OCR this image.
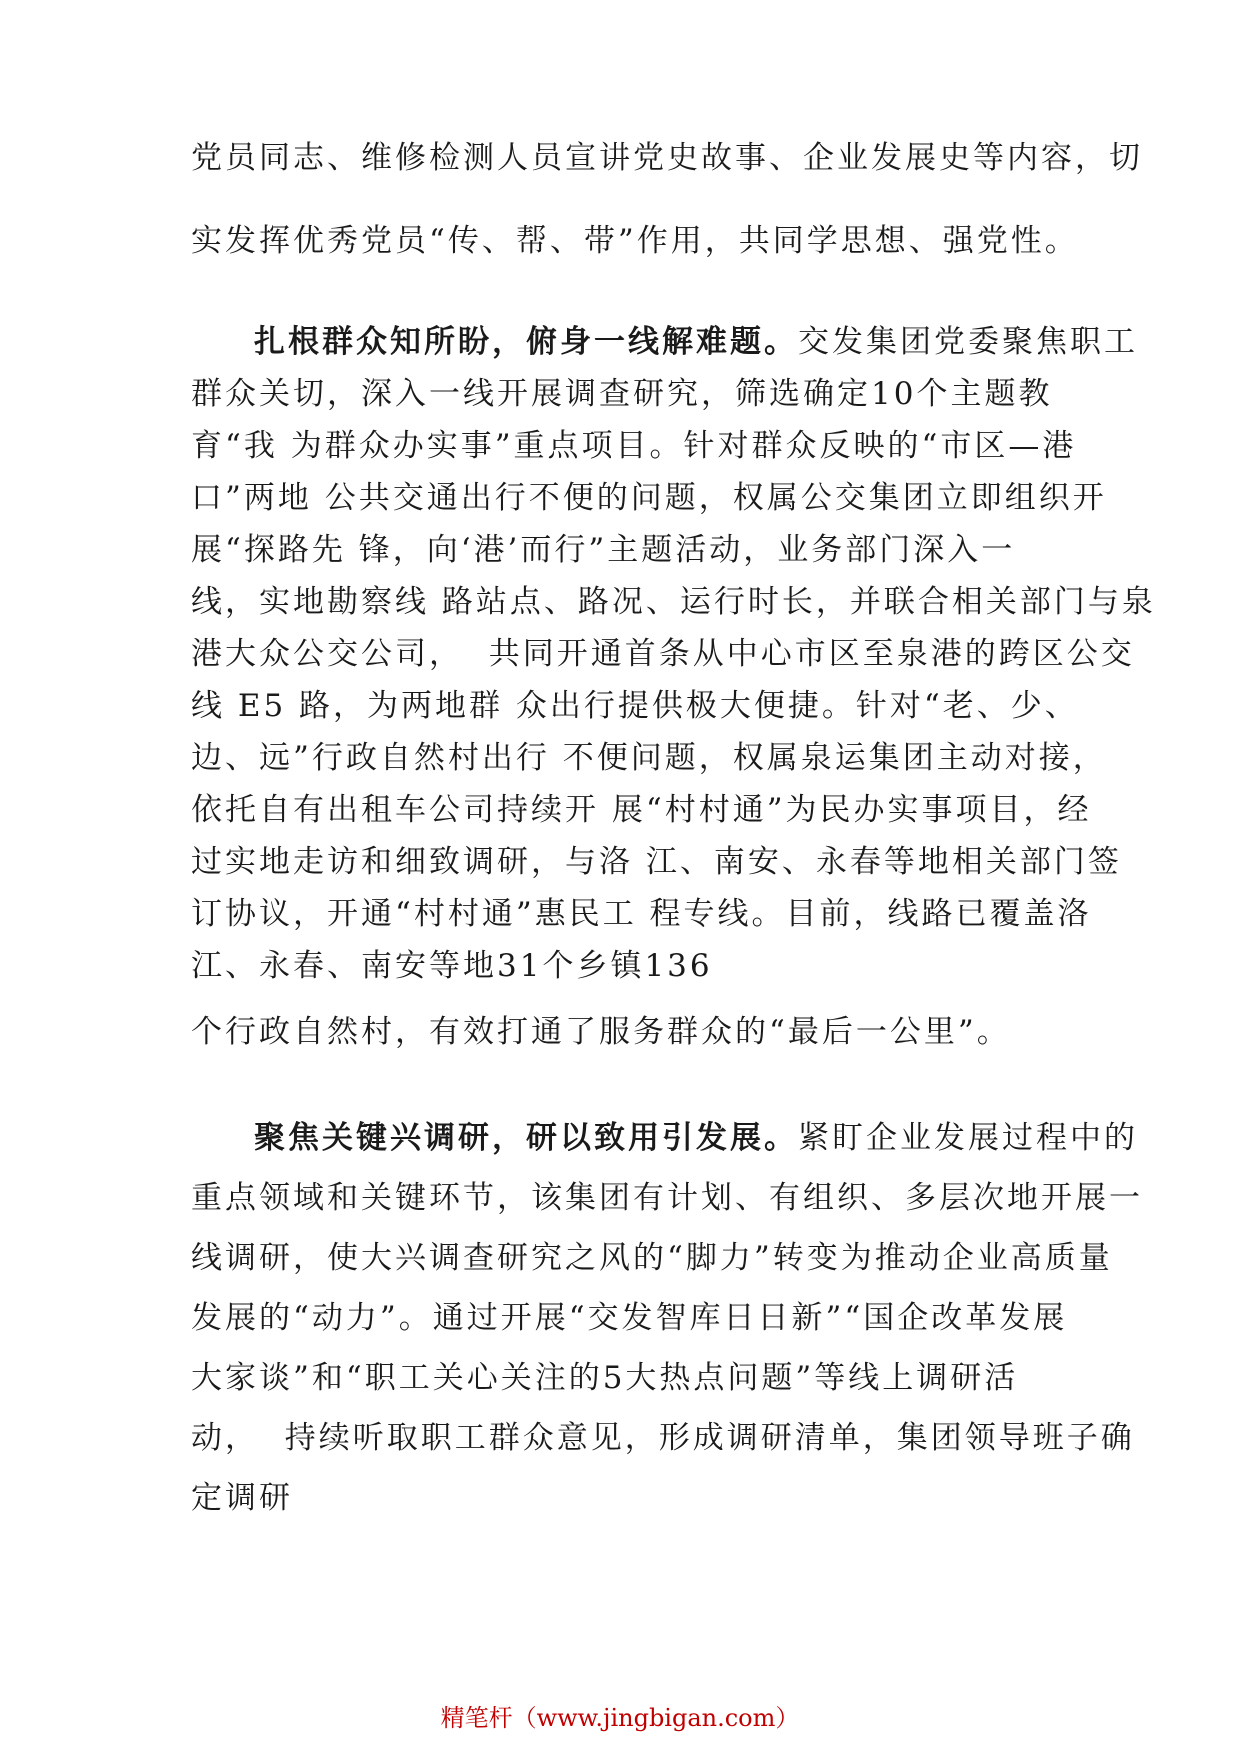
党员同志、维修检测人员宣讲党史故事、企业发展史等内容，切
实发挥优秀党员“传、帮、带”作用，共同学思想、强党性。
扎根群众知所盼，俯身一线解难题。交发集团党委聚焦职工
群众关切，深入一线开展调查研究，筛选确定10个主题教
育“我 为群众办实事”重点项目。针对群众反映的“市区—港
口”两地 公共交通出行不便的问题，权属公交集团立即组织开
展“探路先 锋，向‘港’而行”主题活动，业务部门深入一
线，实地勘察线 路站点、路况、运行时长，并联合相关部门与泉
港大众公交公司，  共同开通首条从中心市区至泉港的跨区公交
线 E5 路，为两地群 众出行提供极大便捷。针对“老、少、
边、远”行政自然村出行 不便问题，权属泉运集团主动对接，
依托自有出租车公司持续开 展“村村通”为民办实事项目，经
过实地走访和细致调研，与洛 江、南安、永春等地相关部门签
订协议，开通“村村通”惠民工 程专线。目前，线路已覆盖洛
江、永春、南安等地31个乡镇136
个行政自然村，有效打通了服务群众的“最后一公里”。
聚焦关键兴调研，研以致用引发展。紧盯企业发展过程中的
重点领域和关键环节，该集团有计划、有组织、多层次地开展一
线调研，使大兴调查研究之风的“脚力”转变为推动企业高质量
发展的“动力”。通过开展“交发智库日日新”“国企改革发展
大家谈”和“职工关心关注的5大热点问题”等线上调研活
动，  持续听取职工群众意见，形成调研清单，集团领导班子确
定调研
精笔杆（www.jingbigan.com）
